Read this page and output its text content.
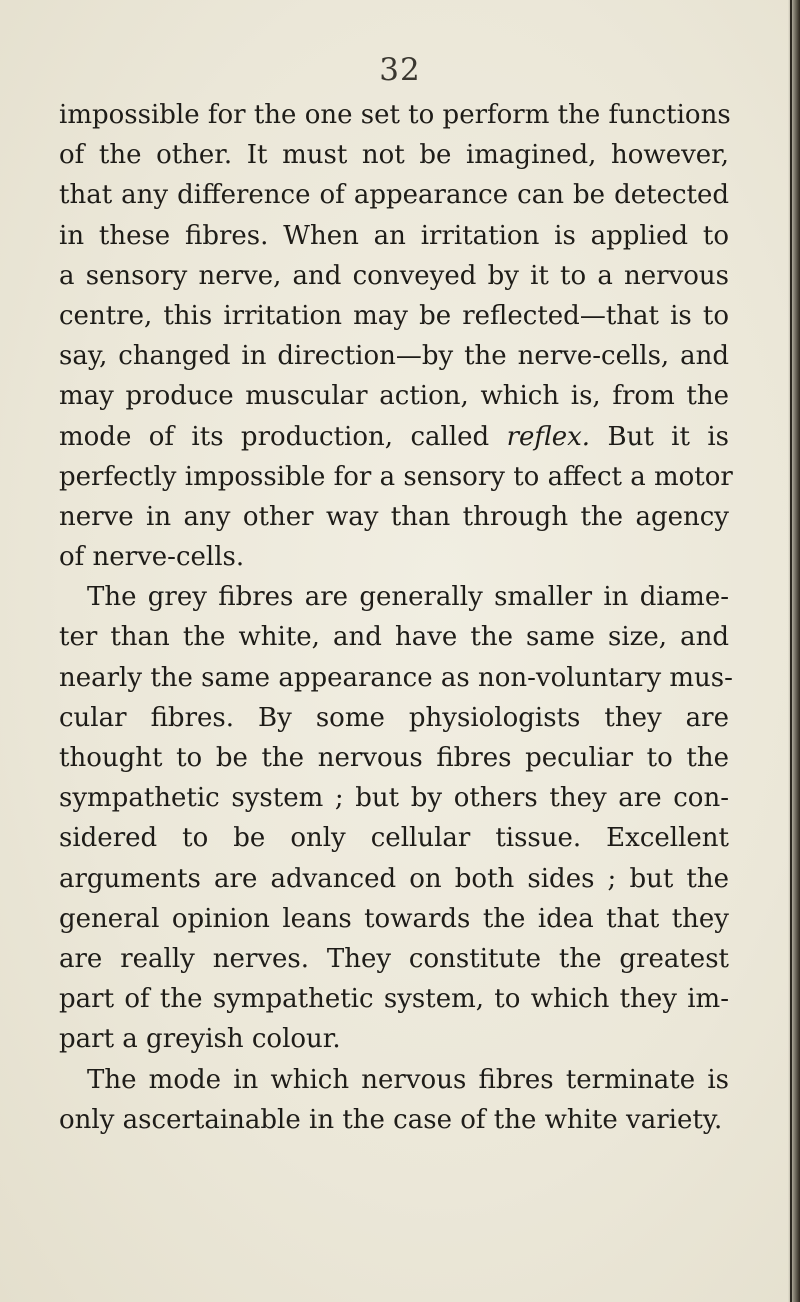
32
impossible for the one set to perform the functions
of the other. It must not be imagined, however,
that any difference of appearance can be detected
in these fibres. When an irritation is applied to
a sensory nerve, and conveyed by it to a nervous
centre, this irritation may be reflected—that is to
say, changed in direction—by the nerve-cells, and
may produce muscular action, which is, from the
mode of its production, called reflex. But it is
perfectly impossible for a sensory to affect a motor
nerve in any other way than through the agency
of nerve-cells.
The grey fibres are generally smaller in diame-
ter than the white, and have the same size, and
nearly the same appearance as non-voluntary mus-
cular fibres. By some physiologists they are
thought to be the nervous fibres peculiar to the
sympathetic system ; but by others they are con-
sidered to be only cellular tissue. Excellent
arguments are advanced on both sides ; but the
general opinion leans towards the idea that they
are really nerves. They constitute the greatest
part of the sympathetic system, to which they im-
part a greyish colour.
The mode in which nervous fibres terminate is
only ascertainable in the case of the white variety.
